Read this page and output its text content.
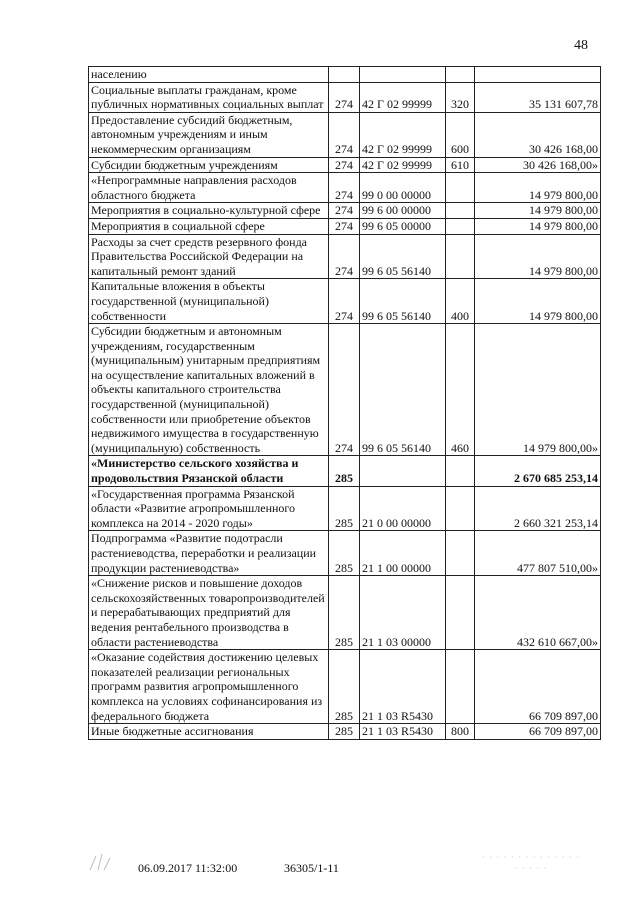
48
населению				
Социальные выплаты гражданам, кроме публичных нормативных социальных выплат	274	42 Г 02 99999	320	35 131 607,78
Предоставление субсидий бюджетным, автономным учреждениям и иным некоммерческим организациям	274	42 Г 02 99999	600	30 426 168,00
Субсидии бюджетным учреждениям	274	42 Г 02 99999	610	30 426 168,00»
«Непрограммные направления расходов областного бюджета	274	99 0 00 00000		14 979 800,00
Мероприятия в социально-культурной сфере	274	99 6 00 00000		14 979 800,00
Мероприятия в социальной сфере	274	99 6 05 00000		14 979 800,00
Расходы за счет средств резервного фонда Правительства Российской Федерации на капитальный ремонт зданий	274	99 6 05 56140		14 979 800,00
Капитальные вложения в объекты государственной (муниципальной) собственности	274	99 6 05 56140	400	14 979 800,00
Субсидии бюджетным и автономным учреждениям, государственным (муниципальным) унитарным предприятиям на осуществление капитальных вложений в объекты капитального строительства государственной (муниципальной) собственности или приобретение объектов недвижимого имущества в государственную (муниципальную) собственность	274	99 6 05 56140	460	14 979 800,00»
«Министерство сельского хозяйства и продовольствия Рязанской области	285			2 670 685 253,14
«Государственная программа Рязанской области «Развитие агропромышленного комплекса на 2014 - 2020 годы»	285	21 0 00 00000		2 660 321 253,14
Подпрограмма «Развитие подотрасли растениеводства, переработки и реализации продукции растениеводства»	285	21 1 00 00000		477 807 510,00»
«Снижение рисков и повышение доходов сельскохозяйственных товаропроизводителей и перерабатывающих предприятий для ведения рентабельного производства в области растениеводства	285	21 1 03 00000		432 610 667,00»
«Оказание содействия достижению целевых показателей реализации региональных программ развития агропромышленного комплекса на условиях софинансирования из федерального бюджета	285	21 1 03 R5430		66 709 897,00
Иные бюджетные ассигнования	285	21 1 03 R5430	800	66 709 897,00
06.09.2017 11:32:00	36305/1-11
· · · · · · · · · · · · · ·
· · · · ·
